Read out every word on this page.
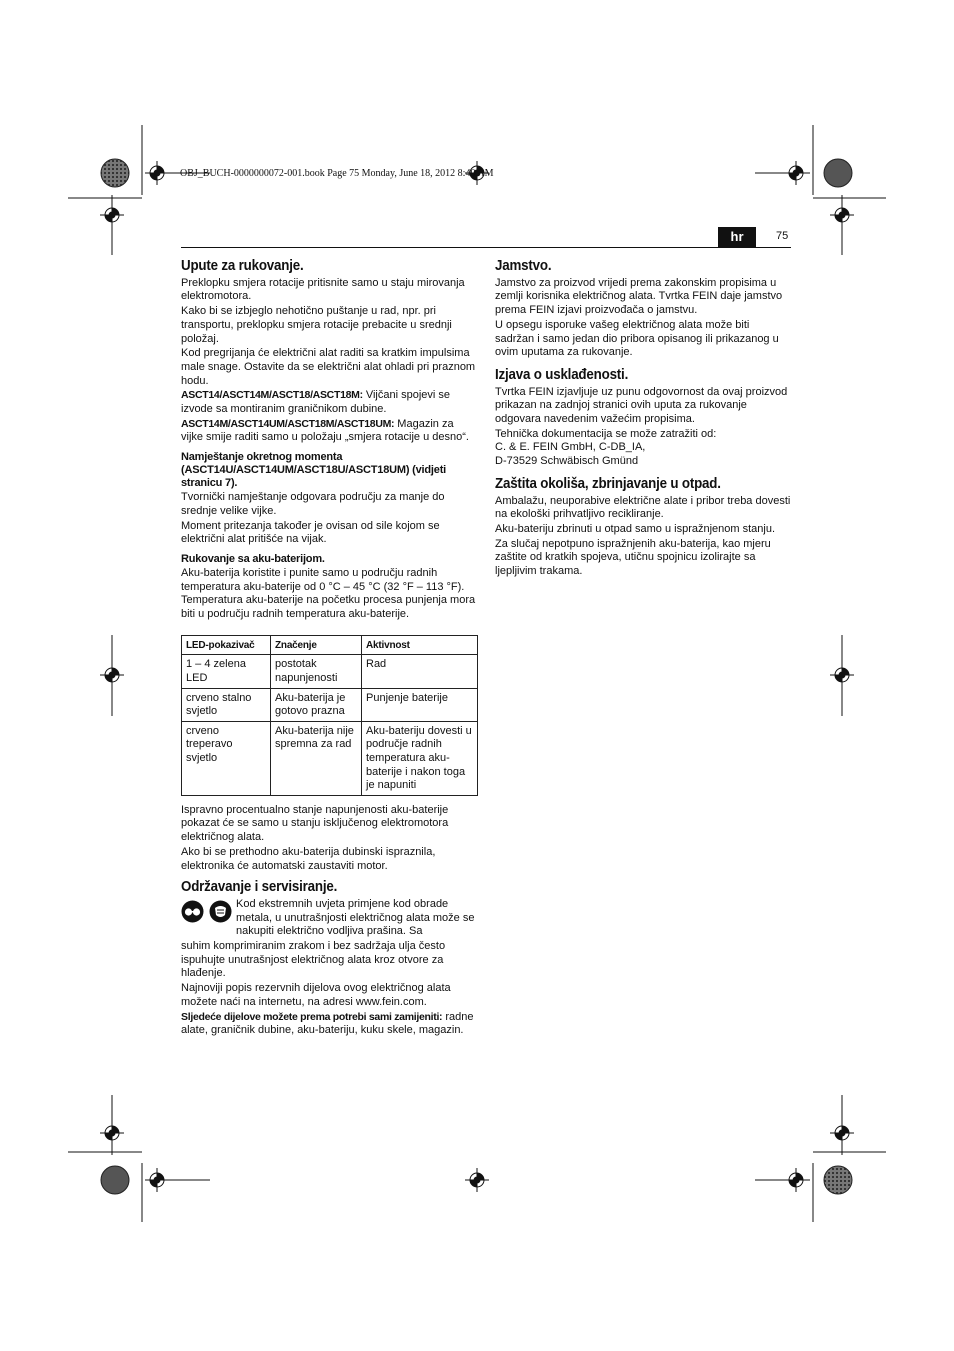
OBJ_BUCH-0000000072-001.book Page 75 Monday, June 18, 2012 8:40 AM
hr	75
Upute za rukovanje.

Preklopku smjera rotacije pritisnite samo u staju mirovanja elektromotora.

Kako bi se izbjeglo nehotično puštanje u rad, npr. pri transportu, preklopku smjera rotacije prebacite u srednji položaj.

Kod pregrijanja će električni alat raditi sa kratkim impulsima male snage. Ostavite da se električni alat ohladi pri praznom hodu.

ASCT14/ASCT14M/ASCT18/ASCT18M: Vijčani spojevi se izvode sa montiranim graničnikom dubine.

ASCT14M/ASCT14UM/ASCT18M/ASCT18UM: Magazin za vijke smije raditi samo u položaju „smjera rotacije u desno“.

Namještanje okretnog momenta (ASCT14U/ASCT14UM/ASCT18U/ASCT18UM) (vidjeti stranicu 7).

Tvornički namještanje odgovara području za manje do srednje velike vijke.

Moment pritezanja također je ovisan od sile kojom se električni alat pritišće na vijak.

Rukovanje sa aku-baterijom.

Aku-baterija koristite i punite samo u području radnih temperatura aku-baterije od 0 °C – 45 °C (32 °F – 113 °F). Temperatura aku-baterije na početku procesa punjenja mora biti u području radnih temperatura aku-baterije.

LED-pokazivač	Značenje	Aktivnost
1 – 4 zelena LED	postotak napunjenosti	Rad
crveno stalno svjetlo	Aku-baterija je gotovo prazna	Punjenje baterije
crveno treperavo svjetlo	Aku-baterija nije spremna za rad	Aku-bateriju dovesti u područje radnih temperatura aku-baterije i nakon toga je napuniti

Ispravno procentualno stanje napunjenosti aku-baterije pokazat će se samo u stanju isključenog elektromotora električnog alata.

Ako bi se prethodno aku-baterija dubinski ispraznila, elektronika će automatski zaustaviti motor.

Održavanje i servisiranje.

Kod ekstremnih uvjeta primjene kod obrade metala, u unutrašnjosti električnog alata može se nakupiti električno vodljiva prašina. Sa

suhim komprimiranim zrakom i bez sadržaja ulja često ispuhujte unutrašnjost električnog alata kroz otvore za hlađenje.

Najnoviji popis rezervnih dijelova ovog električnog alata možete naći na internetu, na adresi www.fein.com.

Sljedeće dijelove možete prema potrebi sami zamijeniti: radne alate, graničnik dubine, aku-bateriju, kuku skele, magazin.

Jamstvo.

Jamstvo za proizvod vrijedi prema zakonskim propisima u zemlji korisnika električnog alata. Tvrtka FEIN daje jamstvo prema FEIN izjavi proizvođača o jamstvu.

U opsegu isporuke vašeg električnog alata može biti sadržan i samo jedan dio pribora opisanog ili prikazanog u ovim uputama za rukovanje.

Izjava o usklađenosti.

Tvrtka FEIN izjavljuje uz punu odgovornost da ovaj proizvod prikazan na zadnjoj stranici ovih uputa za rukovanje odgovara navedenim važećim propisima.

Tehnička dokumentacija se može zatražiti od:

C. & E. FEIN GmbH, C-DB_IA,

D-73529 Schwäbisch Gmünd

Zaštita okoliša, zbrinjavanje u otpad.

Ambalažu, neuporabive električne alate i pribor treba dovesti na ekološki prihvatljivo recikliranje.

Aku-bateriju zbrinuti u otpad samo u ispražnjenom stanju.

Za slučaj nepotpuno ispražnjenih aku-baterija, kao mjeru zaštite od kratkih spojeva, utičnu spojnicu izolirajte sa ljepljivim trakama.
